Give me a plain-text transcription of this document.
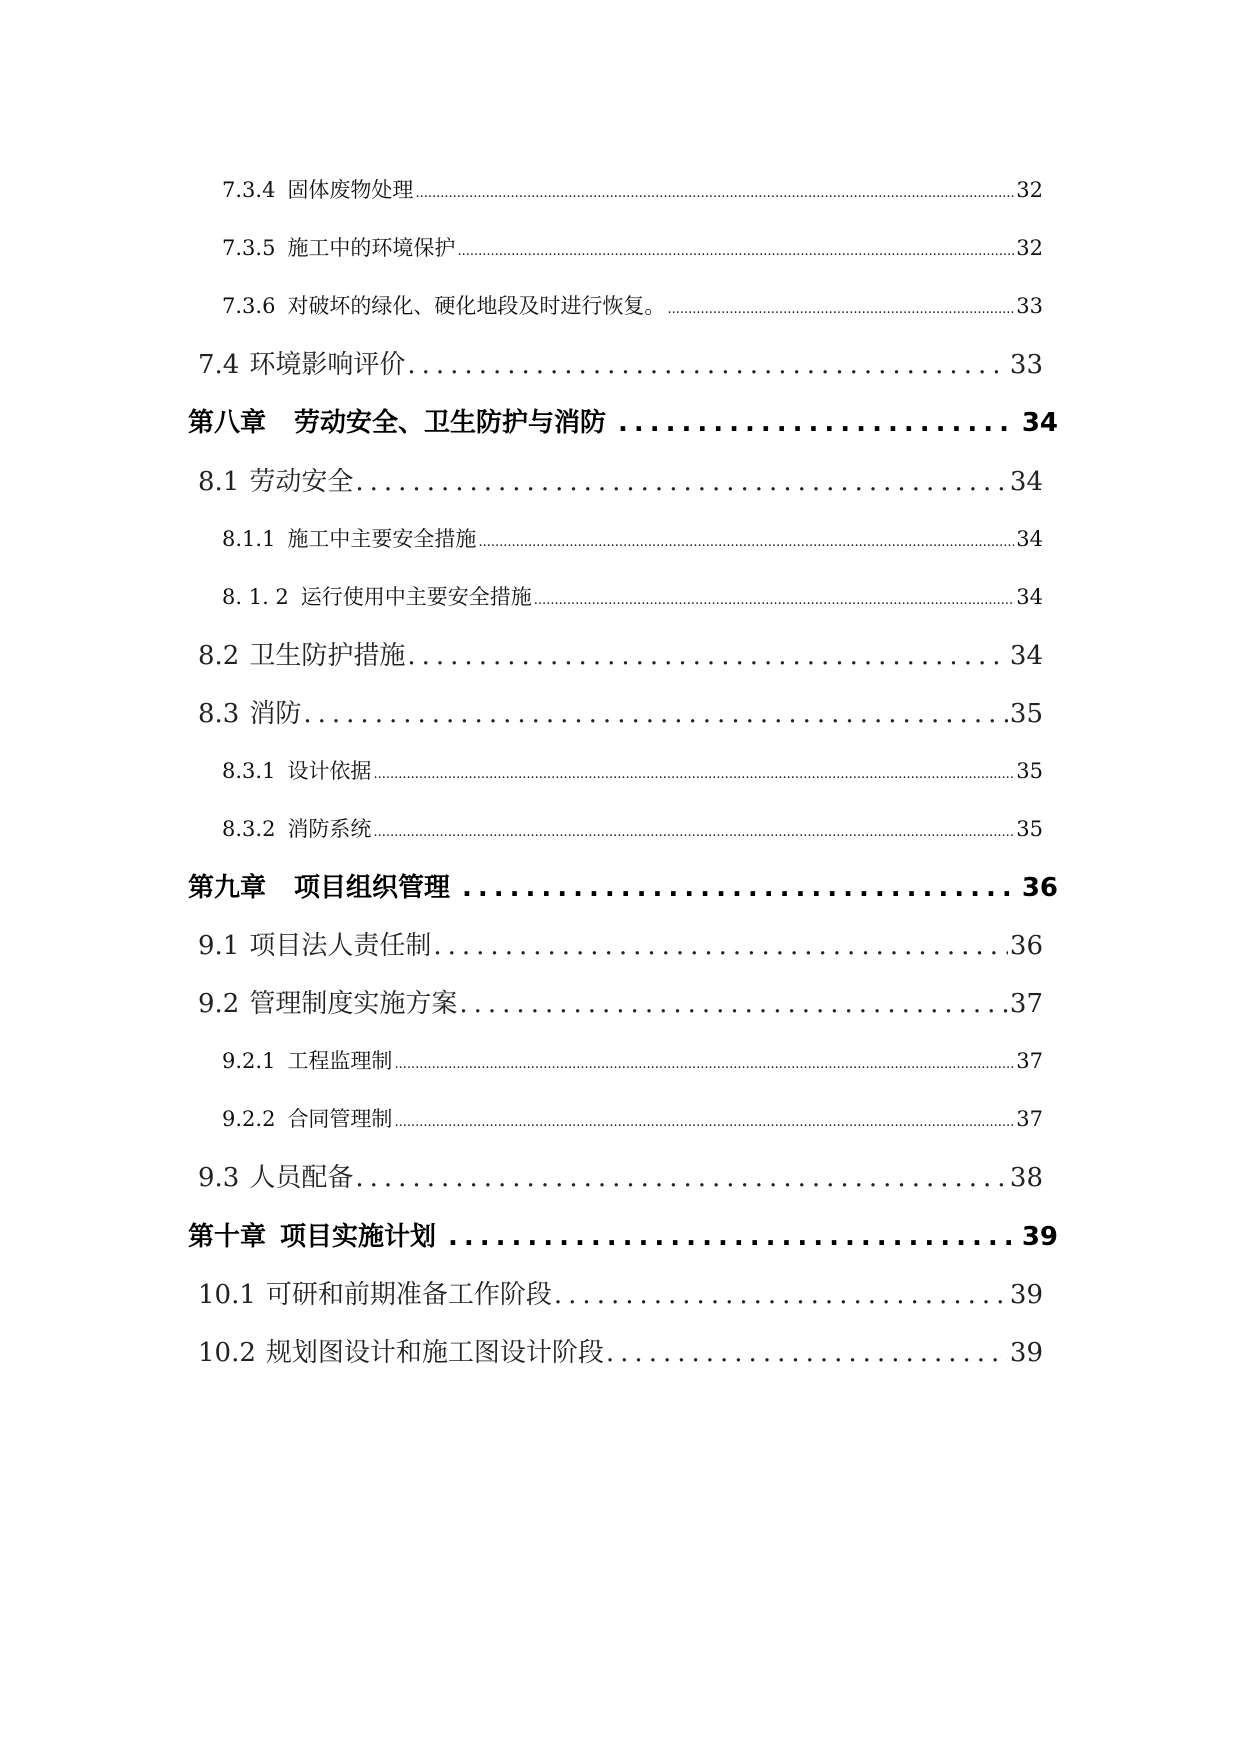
7.3.4 固体废物处理 .....	32
7.3.5 施工中的环境保护 .....	32
7.3.6 对破坏的绿化、硬化地段及时进行恢复。 .....	33
7.4 环境影响评价 .....	33
第八章 劳动安全、卫生防护与消防 .....	34
8.1 劳动安全 .....	34
8.1.1 施工中主要安全措施 .....	34
8. 1. 2 运行使用中主要安全措施 .....	34
8.2 卫生防护措施 .....	34
8.3 消防 .....	35
8.3.1 设计依据 .....	35
8.3.2 消防系统 .....	35
第九章 项目组织管理 .....	36
9.1 项目法人责任制 .....	36
9.2 管理制度实施方案 .....	37
9.2.1 工程监理制 .....	37
9.2.2 合同管理制 .....	37
9.3 人员配备 .....	38
第十章 项目实施计划 .....	39
10.1 可研和前期准备工作阶段 .....	39
10.2 规划图设计和施工图设计阶段 .....	39
